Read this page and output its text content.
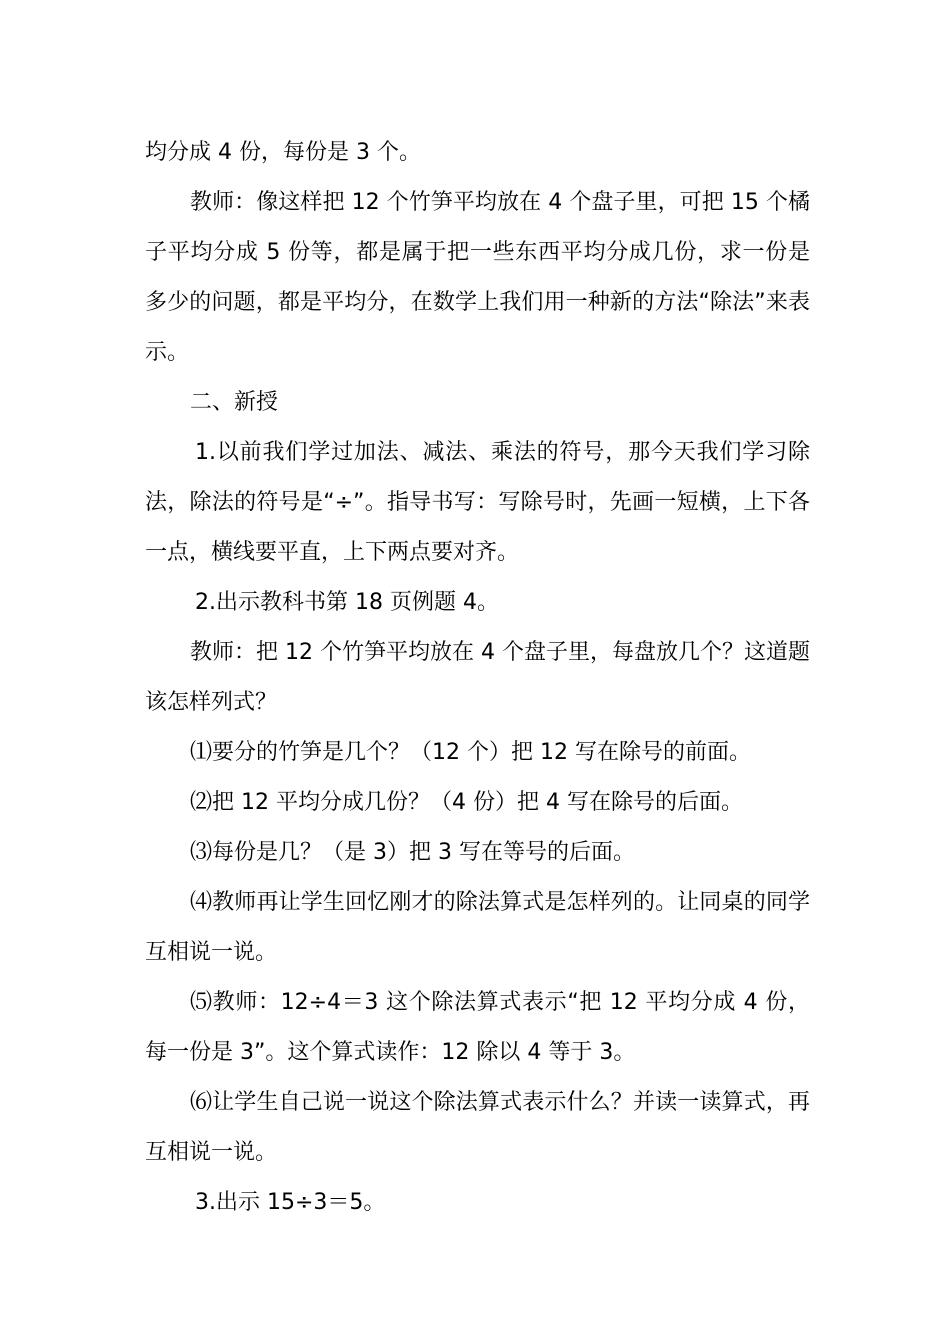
均分成 4 份，每份是 3 个。

教师：像这样把 12 个竹笋平均放在 4 个盘子里，可把 15 个橘子平均分成 5 份等，都是属于把一些东西平均分成几份，求一份是多少的问题，都是平均分，在数学上我们用一种新的方法“除法”来表示。

二、新授

1.以前我们学过加法、减法、乘法的符号，那今天我们学习除法，除法的符号是“÷”。指导书写：写除号时，先画一短横，上下各一点，横线要平直，上下两点要对齐。

2.出示教科书第 18 页例题 4。

教师：把 12 个竹笋平均放在 4 个盘子里，每盘放几个？这道题该怎样列式？

⑴要分的竹笋是几个？（12 个）把 12 写在除号的前面。

⑵把 12 平均分成几份？（4 份）把 4 写在除号的后面。

⑶每份是几？（是 3）把 3 写在等号的后面。

⑷教师再让学生回忆刚才的除法算式是怎样列的。让同桌的同学互相说一说。

⑸教师：12÷4＝3 这个除法算式表示“把 12 平均分成 4 份，每一份是 3”。这个算式读作：12 除以 4 等于 3。

⑹让学生自己说一说这个除法算式表示什么？并读一读算式，再互相说一说。

3.出示 15÷3＝5。
